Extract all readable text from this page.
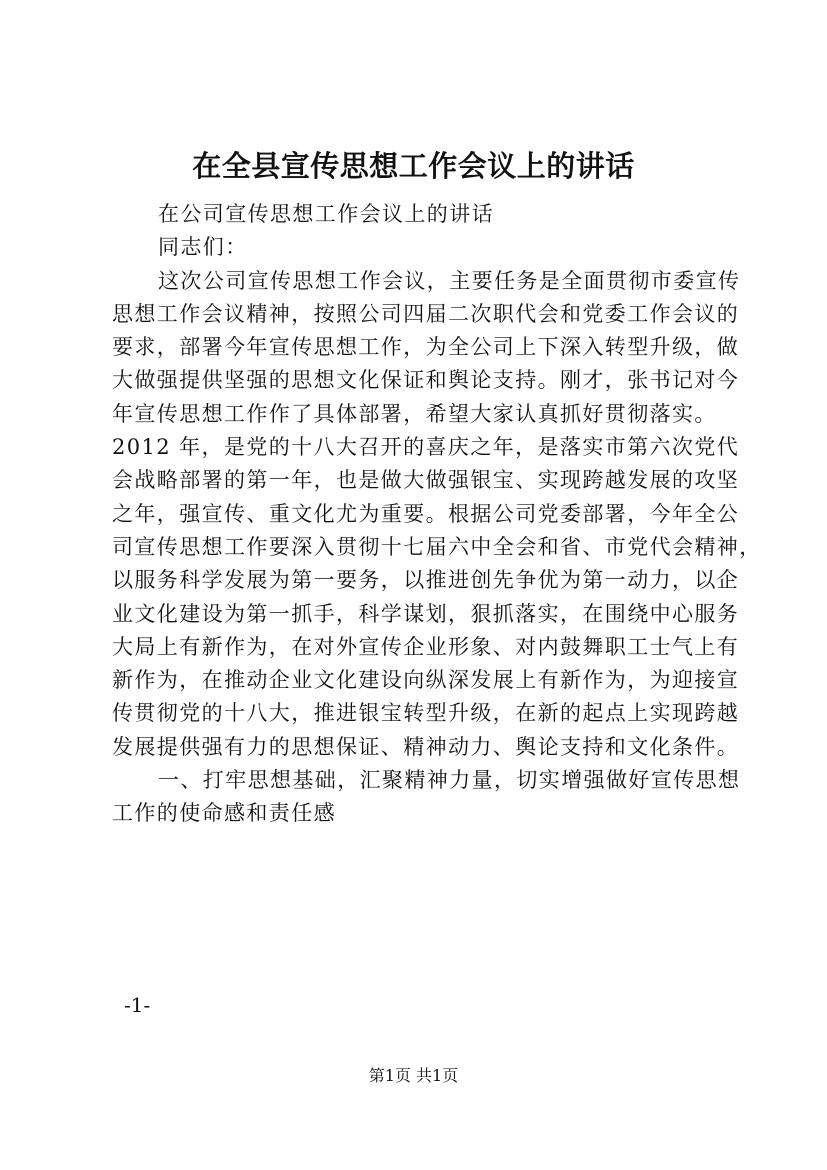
在全县宣传思想工作会议上的讲话
在公司宣传思想工作会议上的讲话
同志们：
这次公司宣传思想工作会议，主要任务是全面贯彻市委宣传
思想工作会议精神，按照公司四届二次职代会和党委工作会议的
要求，部署今年宣传思想工作，为全公司上下深入转型升级，做
大做强提供坚强的思想文化保证和舆论支持。刚才，张书记对今
年宣传思想工作作了具体部署，希望大家认真抓好贯彻落实。
2012 年，是党的十八大召开的喜庆之年，是落实市第六次党代
会战略部署的第一年，也是做大做强银宝、实现跨越发展的攻坚
之年，强宣传、重文化尤为重要。根据公司党委部署，今年全公
司宣传思想工作要深入贯彻十七届六中全会和省、市党代会精神，
以服务科学发展为第一要务，以推进创先争优为第一动力，以企
业文化建设为第一抓手，科学谋划，狠抓落实，在围绕中心服务
大局上有新作为，在对外宣传企业形象、对内鼓舞职工士气上有
新作为，在推动企业文化建设向纵深发展上有新作为，为迎接宣
传贯彻党的十八大，推进银宝转型升级，在新的起点上实现跨越
发展提供强有力的思想保证、精神动力、舆论支持和文化条件。
一、打牢思想基础，汇聚精神力量，切实增强做好宣传思想
工作的使命感和责任感
-1-
第1页 共1页
